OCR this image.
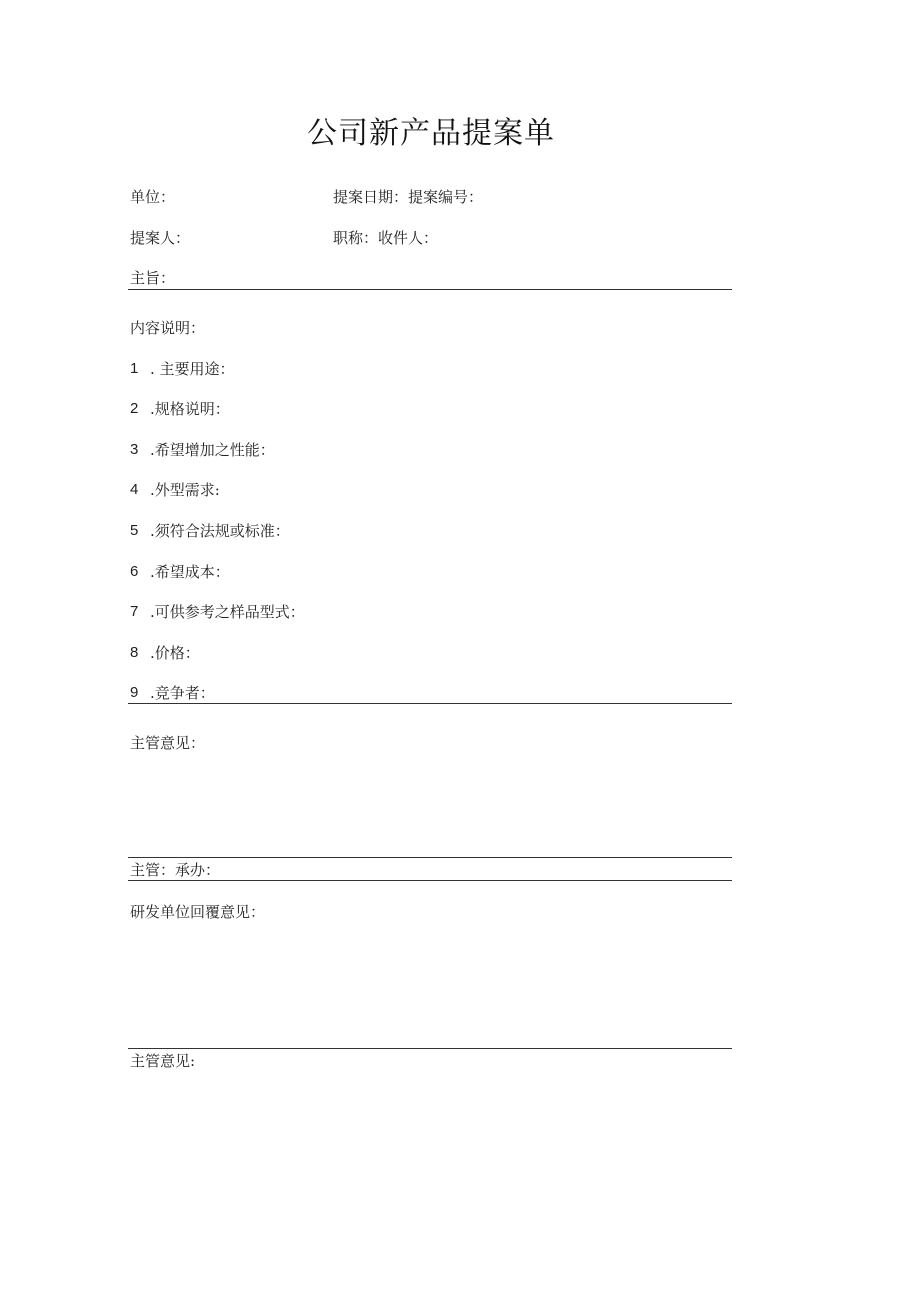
公司新产品提案单
单位：	提案日期：提案编号：
提案人：	职称：收件人：
主旨：
内容说明：
1 . 主要用途：
2 .规格说明：
3 .希望增加之性能：
4 .外型需求:
5 .须符合法规或标准：
6 .希望成本：
7 .可供参考之样品型式：
8 .价格：
9 .竞争者：
主管意见：
主管：承办：
研发单位回覆意见：
主管意见:
